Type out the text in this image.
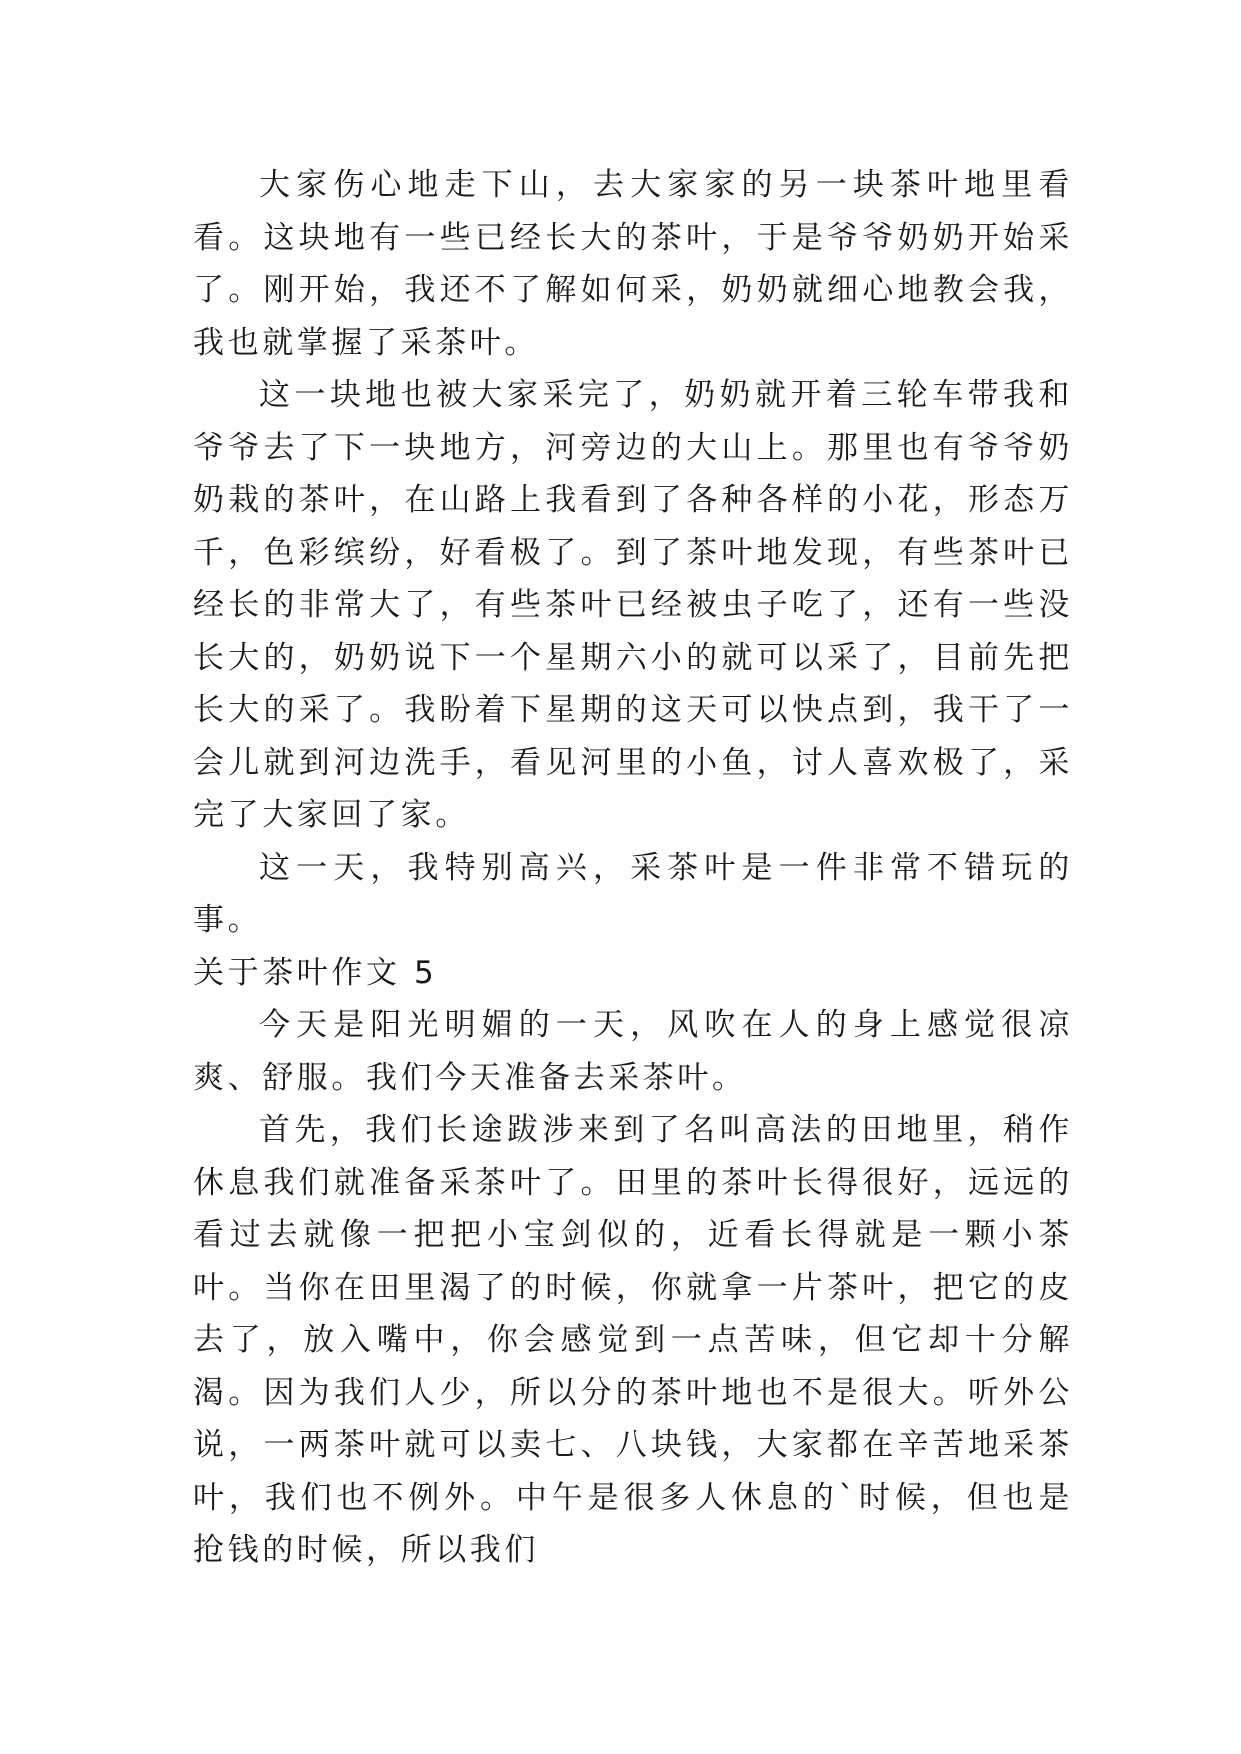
大家伤心地走下山，去大家家的另一块茶叶地里看看。这块地有一些已经长大的茶叶，于是爷爷奶奶开始采了。刚开始，我还不了解如何采，奶奶就细心地教会我，我也就掌握了采茶叶。

这一块地也被大家采完了，奶奶就开着三轮车带我和爷爷去了下一块地方，河旁边的大山上。那里也有爷爷奶奶栽的茶叶，在山路上我看到了各种各样的小花，形态万千，色彩缤纷，好看极了。到了茶叶地发现，有些茶叶已经长的非常大了，有些茶叶已经被虫子吃了，还有一些没长大的，奶奶说下一个星期六小的就可以采了，目前先把长大的采了。我盼着下星期的这天可以快点到，我干了一会儿就到河边洗手，看见河里的小鱼，讨人喜欢极了，采完了大家回了家。

这一天，我特别高兴，采茶叶是一件非常不错玩的事。

关于茶叶作文 5

今天是阳光明媚的一天，风吹在人的身上感觉很凉爽、舒服。我们今天准备去采茶叶。

首先，我们长途跋涉来到了名叫高法的田地里，稍作休息我们就准备采茶叶了。田里的茶叶长得很好，远远的看过去就像一把把小宝剑似的，近看长得就是一颗小茶叶。当你在田里渴了的时候，你就拿一片茶叶，把它的皮去了，放入嘴中，你会感觉到一点苦味，但它却十分解渴。因为我们人少，所以分的茶叶地也不是很大。听外公说，一两茶叶就可以卖七、八块钱，大家都在辛苦地采茶叶，我们也不例外。中午是很多人休息的`时候，但也是抢钱的时候，所以我们
